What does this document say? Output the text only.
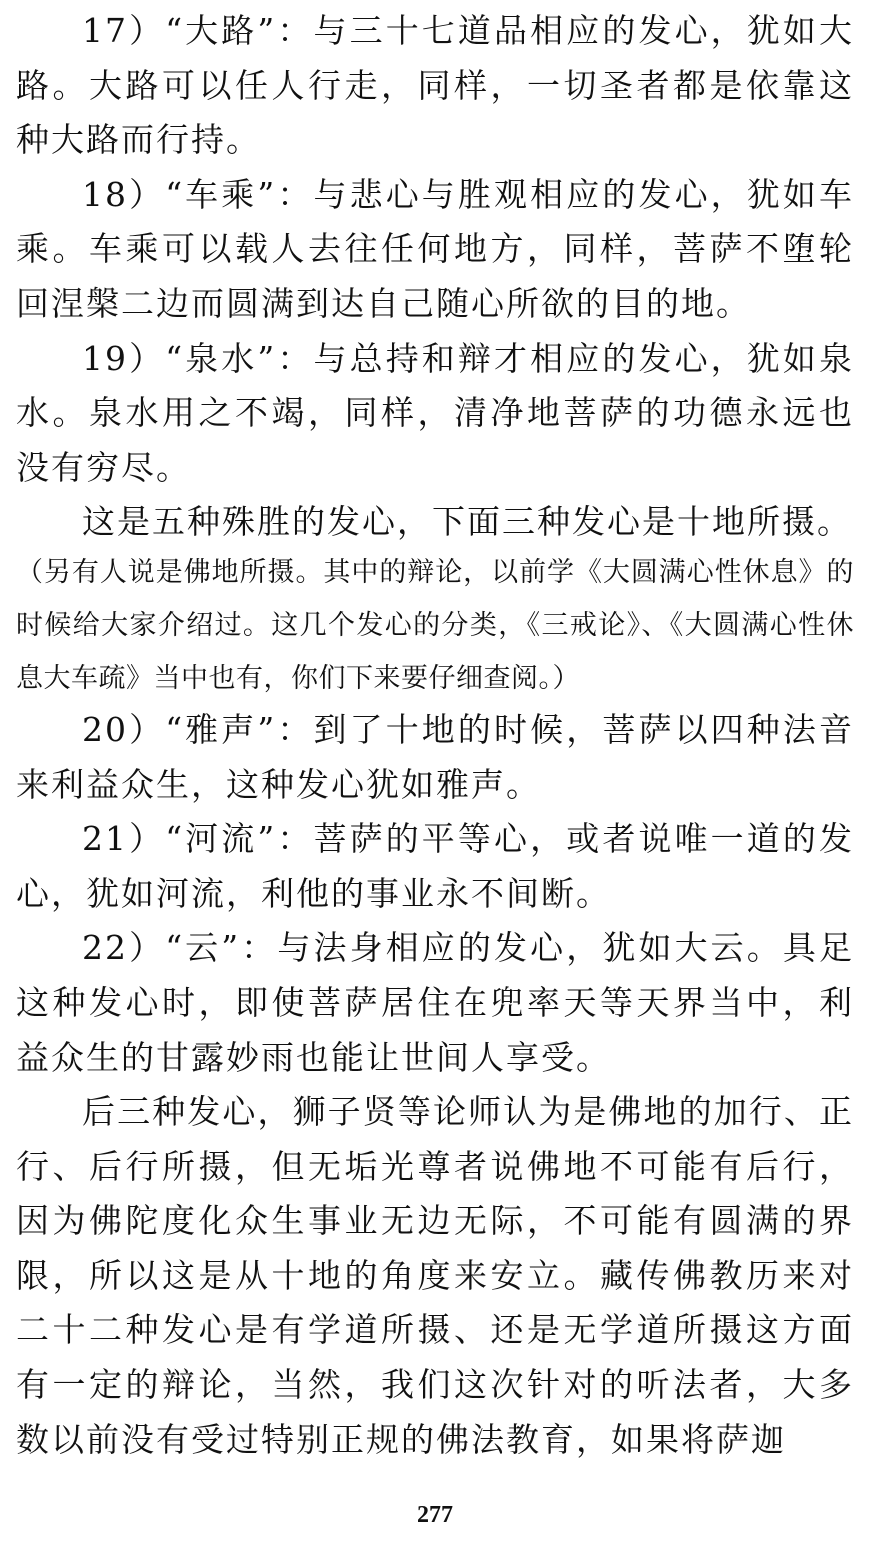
17）“大路”：与三十七道品相应的发心，犹如大路。大路可以任人行走，同样，一切圣者都是依靠这种大路而行持。

18）“车乘”：与悲心与胜观相应的发心，犹如车乘。车乘可以载人去往任何地方，同样，菩萨不堕轮回涅槃二边而圆满到达自己随心所欲的目的地。

19）“泉水”：与总持和辩才相应的发心，犹如泉水。泉水用之不竭，同样，清净地菩萨的功德永远也没有穷尽。

这是五种殊胜的发心，下面三种发心是十地所摄。

（另有人说是佛地所摄。其中的辩论，以前学《大圆满心性休息》的时候给大家介绍过。这几个发心的分类，《三戒论》、《大圆满心性休息大车疏》当中也有，你们下来要仔细查阅。）

20）“雅声”：到了十地的时候，菩萨以四种法音来利益众生，这种发心犹如雅声。

21）“河流”：菩萨的平等心，或者说唯一道的发心，犹如河流，利他的事业永不间断。

22）“云”：与法身相应的发心，犹如大云。具足这种发心时，即使菩萨居住在兜率天等天界当中，利益众生的甘露妙雨也能让世间人享受。

后三种发心，狮子贤等论师认为是佛地的加行、正行、后行所摄，但无垢光尊者说佛地不可能有后行，因为佛陀度化众生事业无边无际，不可能有圆满的界限，所以这是从十地的角度来安立。藏传佛教历来对二十二种发心是有学道所摄、还是无学道所摄这方面有一定的辩论，当然，我们这次针对的听法者，大多数以前没有受过特别正规的佛法教育，如果将萨迦

277
